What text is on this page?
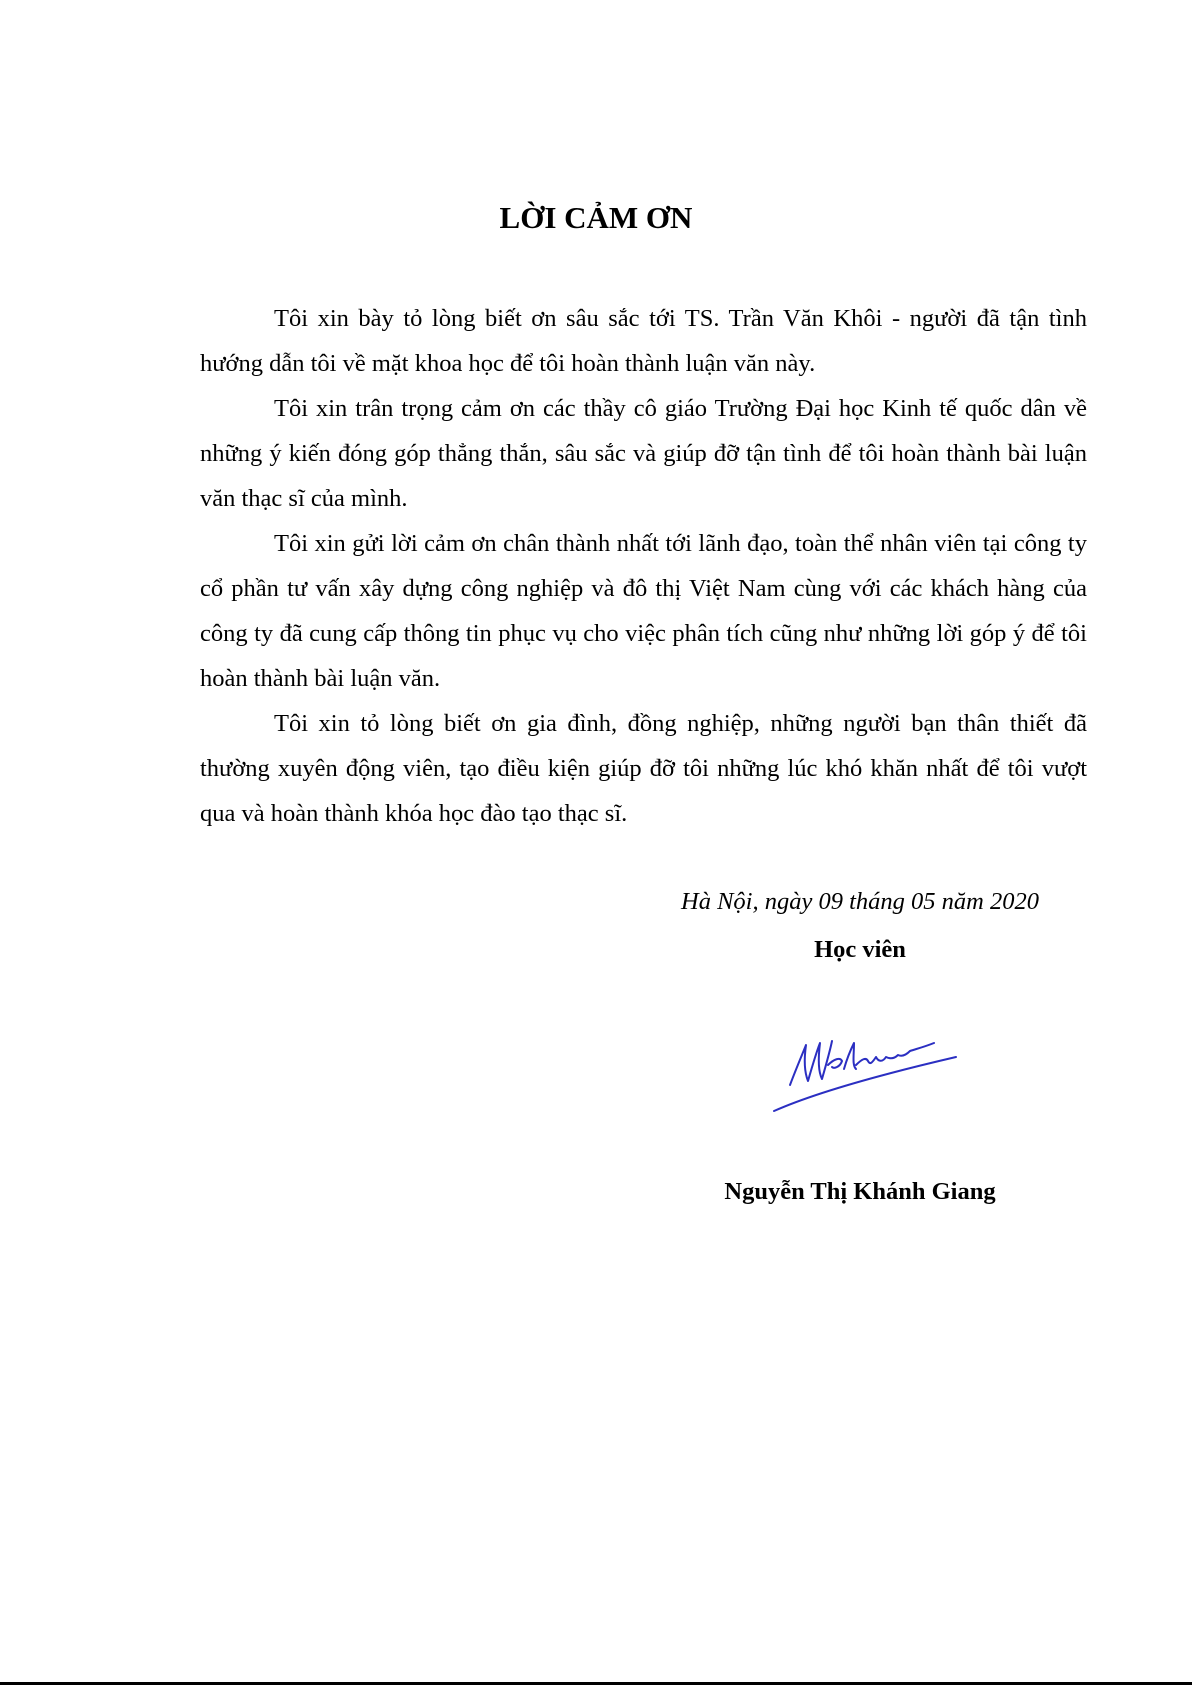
LỜI CẢM ƠN

Tôi xin bày tỏ lòng biết ơn sâu sắc tới TS. Trần Văn Khôi - người đã tận tình hướng dẫn tôi về mặt khoa học để tôi hoàn thành luận văn này.

Tôi xin trân trọng cảm ơn các thầy cô giáo Trường Đại học Kinh tế quốc dân về những ý kiến đóng góp thẳng thắn, sâu sắc và giúp đỡ tận tình để tôi hoàn thành bài luận văn thạc sĩ của mình.

Tôi xin gửi lời cảm ơn chân thành nhất tới lãnh đạo, toàn thể nhân viên tại công ty cổ phần tư vấn xây dựng công nghiệp và đô thị Việt Nam cùng với các khách hàng của công ty đã cung cấp thông tin phục vụ cho việc phân tích cũng như những lời góp ý để tôi hoàn thành bài luận văn.

Tôi xin tỏ lòng biết ơn gia đình, đồng nghiệp, những người bạn thân thiết đã thường xuyên động viên, tạo điều kiện giúp đỡ tôi những lúc khó khăn nhất để tôi vượt qua và hoàn thành khóa học đào tạo thạc sĩ.

Hà Nội, ngày 09 tháng 05 năm 2020

Học viên

Nguyễn Thị Khánh Giang
